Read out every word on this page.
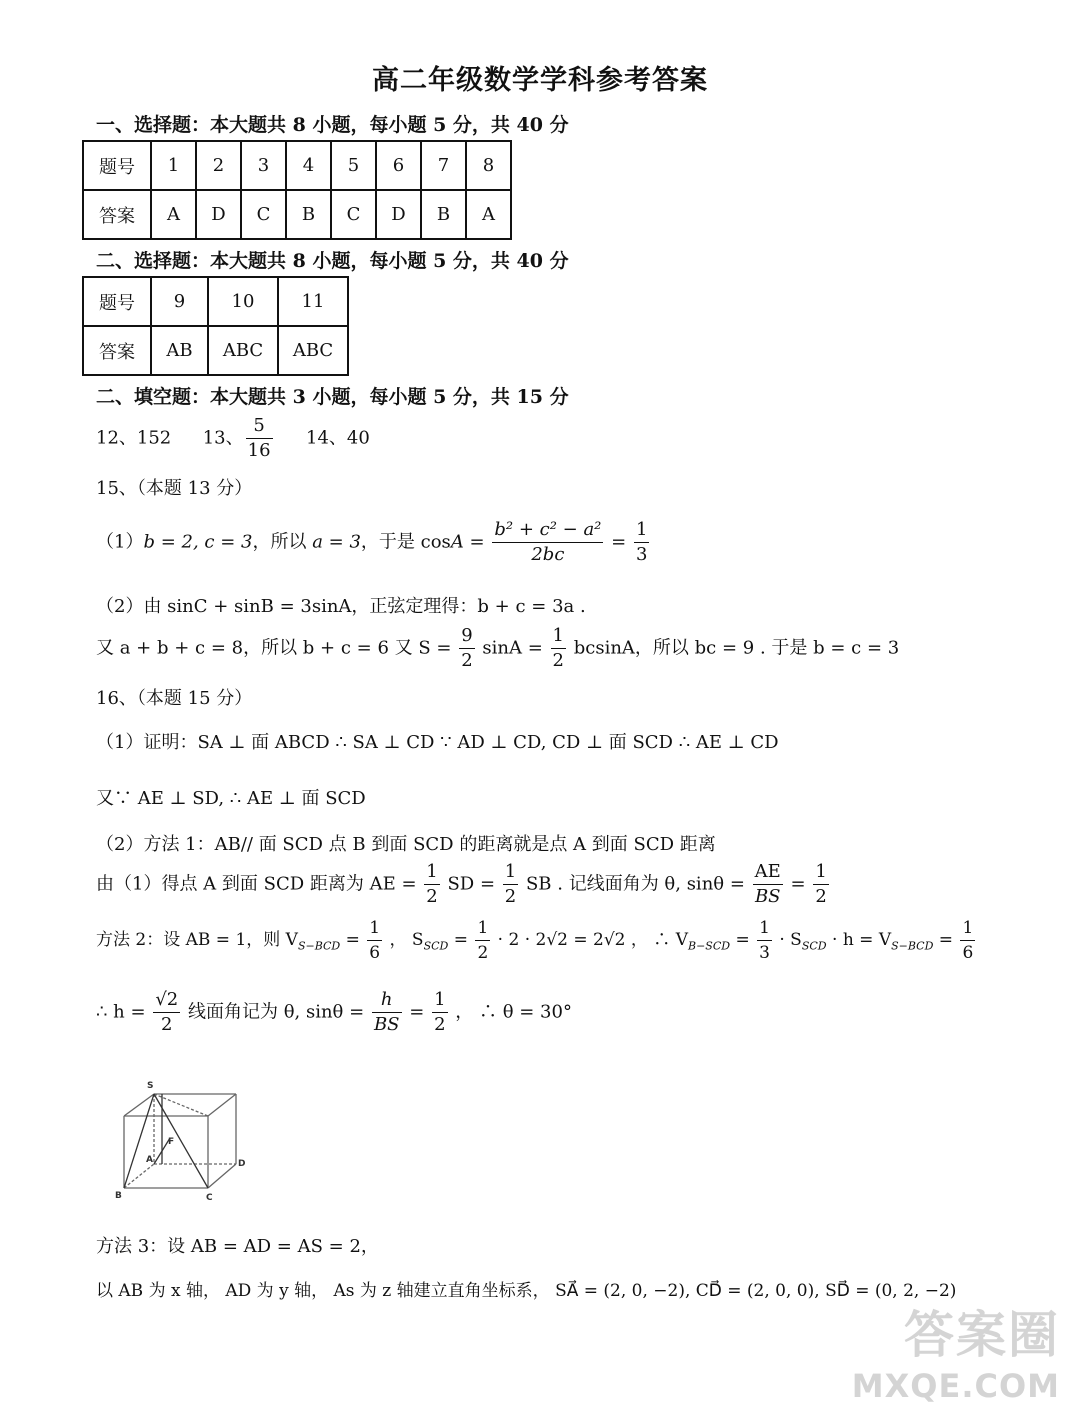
高二年级数学学科参考答案
一、选择题：本大题共 8 小题，每小题 5 分，共 40 分
题号	1	2	3	4	5	6	7	8
答案	A	D	C	B	C	D	B	A
二、选择题：本大题共 8 小题，每小题 5 分，共 40 分
题号	9	10	11
答案	AB	ABC	ABC
二、填空题：本大题共 3 小题，每小题 5 分，共 15 分
12、152 13、 $\frac{5}{16} 14$、40
15、（本题 13 分）
（1）b = 2, c = 3，所以 a = 3，于是 $\cos A = \frac{\text{b² + c² − a²}}{2bc} = \frac{1}{3}$
（2）由 sinC + sinB = 3sinA，正弦定理得：b + c = 3a .
又 a + b + c = 8，所以 b + c = 6 又 $S = \frac{9}{2}$ $\sin A = \frac{1}{2}$ bcsinA，所以 bc = 9 . 于是 b = c = 3
16、（本题 15 分）
（1）证明：SA ⊥ 面 ABCD ∴ SA ⊥ CD ∵ AD ⊥ CD, CD ⊥ 面 SCD ∴ AE ⊥ CD
又∵ AE ⊥ SD, ∴ AE ⊥ 面 SCD
（2）方法 1：AB// 面 SCD 点 B 到面 SCD 的距离就是点 A 到面 SCD 距离
由（1）得点 A 到面 SCD 距离为 AE = $\frac{1}{2}$ SD = $\frac{1}{2}$ SB . 记线面角为 θ, $\sin\theta = \frac{AE}{BS} = \frac{1}{2}$
方法 2：设 AB = 1，则 $V_{S-BCD} = \frac{1}{6}$ ， $S_{SCD} = \frac{1}{2} \cdot 2 \cdot 2√2 = 2√2$ ， ∴ $V_{B-SCD} = \frac{1}{3} \cdot S_{SCD} \cdot h = V_{S-BCD} = \frac{1}{6}$
∴ $h = \frac{√2}{2}$ 线面角记为 θ, $\sin\theta = \frac{h}{BS} = \frac{1}{2}$ ， ∴ θ = 30°
S
F
A	D
B	C
方法 3：设 AB = AD = AS = 2，
以 AB 为 x 轴， AD 为 y 轴， As 为 z 轴建立直角坐标系， SA⃗ = (2, 0, −2), CD⃗ = (2, 0, 0), SD⃗ = (0, 2, −2)
答案圈
MXQE.COM
